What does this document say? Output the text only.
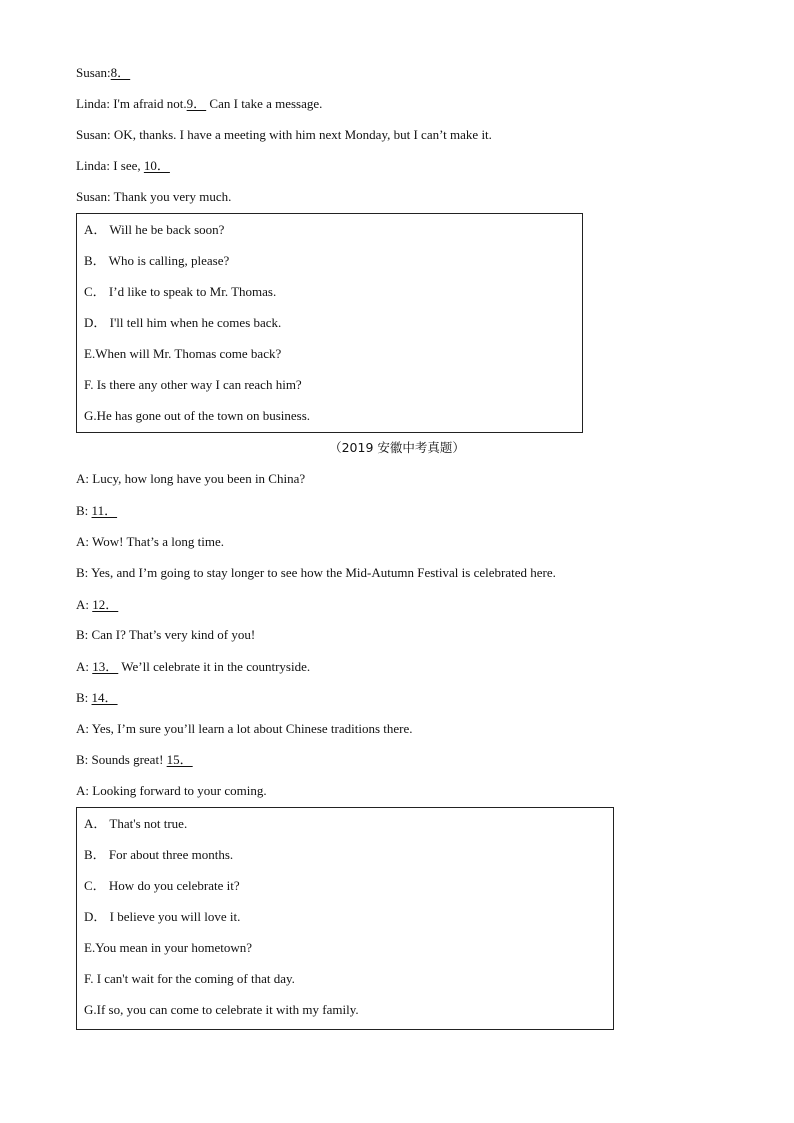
Susan:8．
Linda: I'm afraid not.9． Can I take a message.
Susan: OK, thanks. I have a meeting with him next Monday, but I can’t make it.
Linda: I see, 10．
Susan: Thank you very much.
A． Will he be back soon?
B． Who is calling, please?
C． I’d like to speak to Mr. Thomas.
D． I'll tell him when he comes back.
E.When will Mr. Thomas come back?
F. Is there any other way I can reach him?
G.He has gone out of the town on business.
（2019 安徽中考真题）
A: Lucy, how long have you been in China?
B: 11．
A: Wow! That’s a long time.
B: Yes, and I’m going to stay longer to see how the Mid-Autumn Festival is celebrated here.
A: 12．
B: Can I? That’s very kind of you!
A: 13． We’ll celebrate it in the countryside.
B: 14．
A: Yes, I’m sure you’ll learn a lot about Chinese traditions there.
B: Sounds great! 15．
A: Looking forward to your coming.
A． That's not true.
B． For about three months.
C． How do you celebrate it?
D． I believe you will love it.
E.You mean in your hometown?
F. I can't wait for the coming of that day.
G.If so, you can come to celebrate it with my family.
